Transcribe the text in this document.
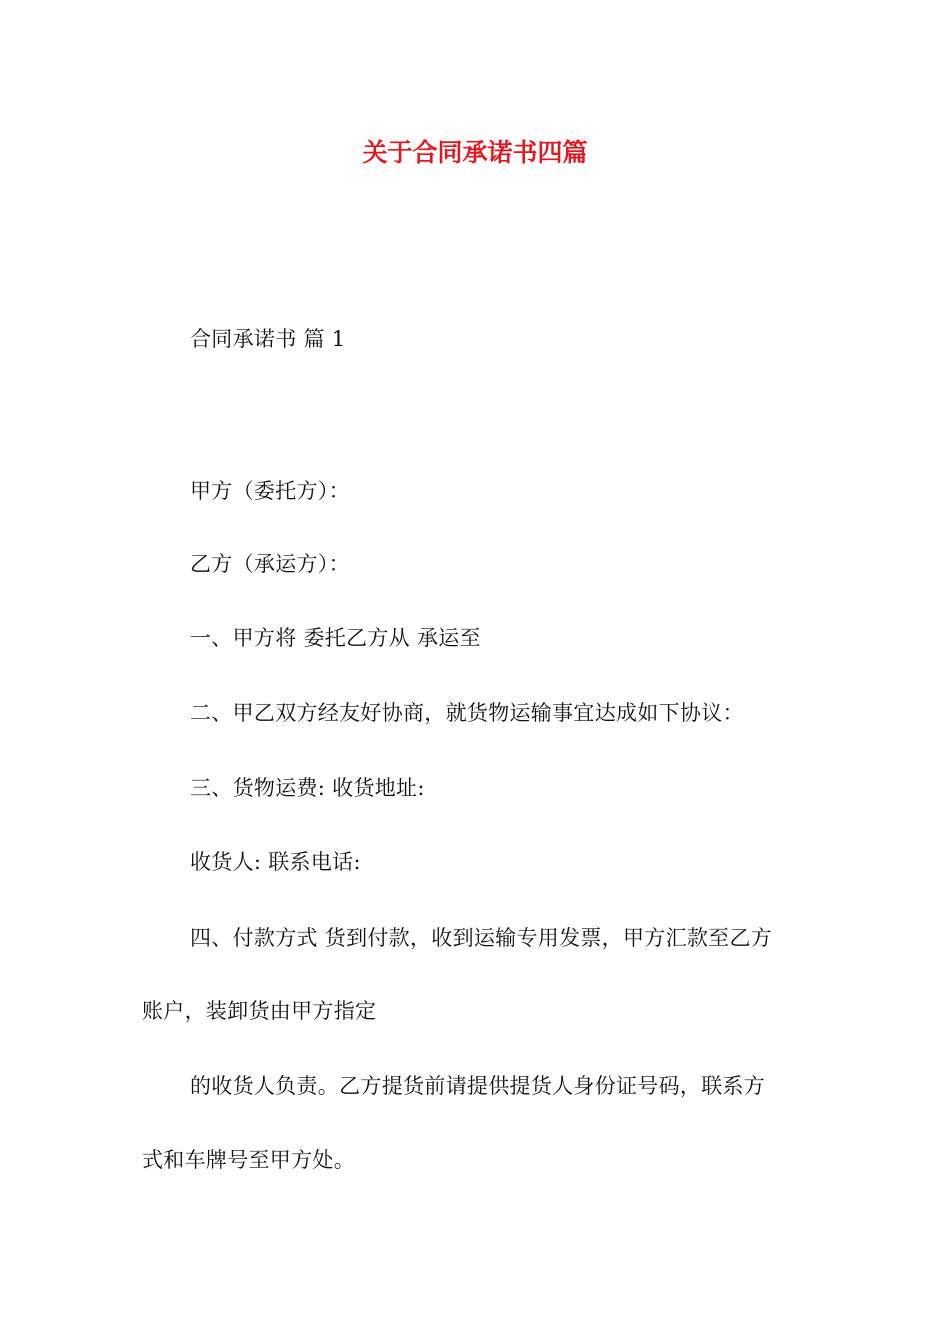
关于合同承诺书四篇
合同承诺书 篇 1
甲方（委托方）：
乙方（承运方）：
一、甲方将 委托乙方从 承运至
二、甲乙双方经友好协商，就货物运输事宜达成如下协议：
三、货物运费: 收货地址:
收货人: 联系电话:
四、付款方式 货到付款，收到运输专用发票，甲方汇款至乙方
账户，装卸货由甲方指定
的收货人负责。乙方提货前请提供提货人身份证号码，联系方
式和车牌号至甲方处。
